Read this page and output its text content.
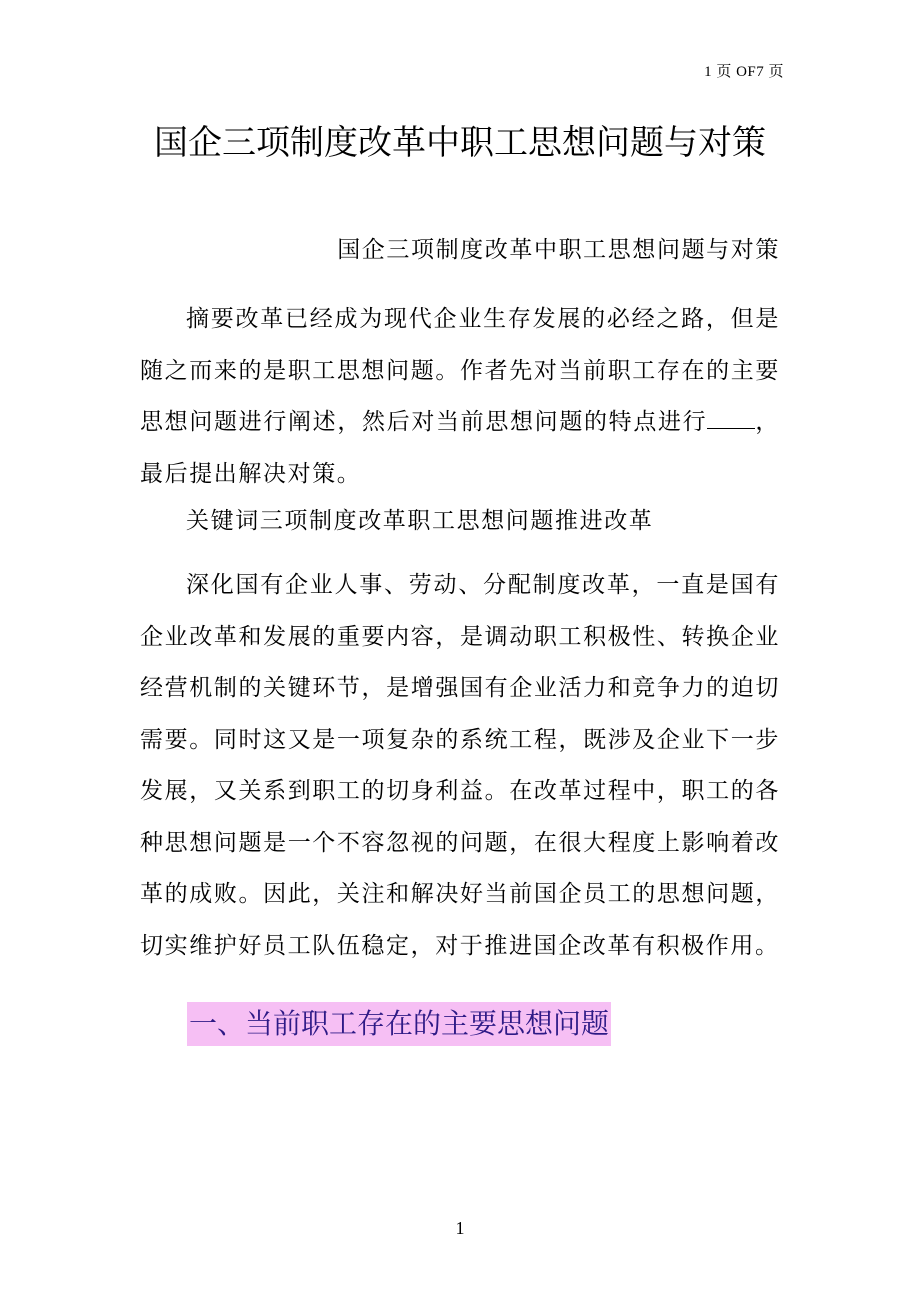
1 页 OF7 页
国企三项制度改革中职工思想问题与对策
国企三项制度改革中职工思想问题与对策

摘要改革已经成为现代企业生存发展的必经之路，但是随之而来的是职工思想问题。作者先对当前职工存在的主要思想问题进行阐述，然后对当前思想问题的特点进行 ，最后提出解决对策。

关键词三项制度改革职工思想问题推进改革

深化国有企业人事、劳动、分配制度改革，一直是国有企业改革和发展的重要内容，是调动职工积极性、转换企业经营机制的关键环节，是增强国有企业活力和竞争力的迫切需要。同时这又是一项复杂的系统工程，既涉及企业下一步发展，又关系到职工的切身利益。在改革过程中，职工的各种思想问题是一个不容忽视的问题，在很大程度上影响着改革的成败。因此，关注和解决好当前国企员工的思想问题，切实维护好员工队伍稳定，对于推进国企改革有积极作用。

一、当前职工存在的主要思想问题
1
